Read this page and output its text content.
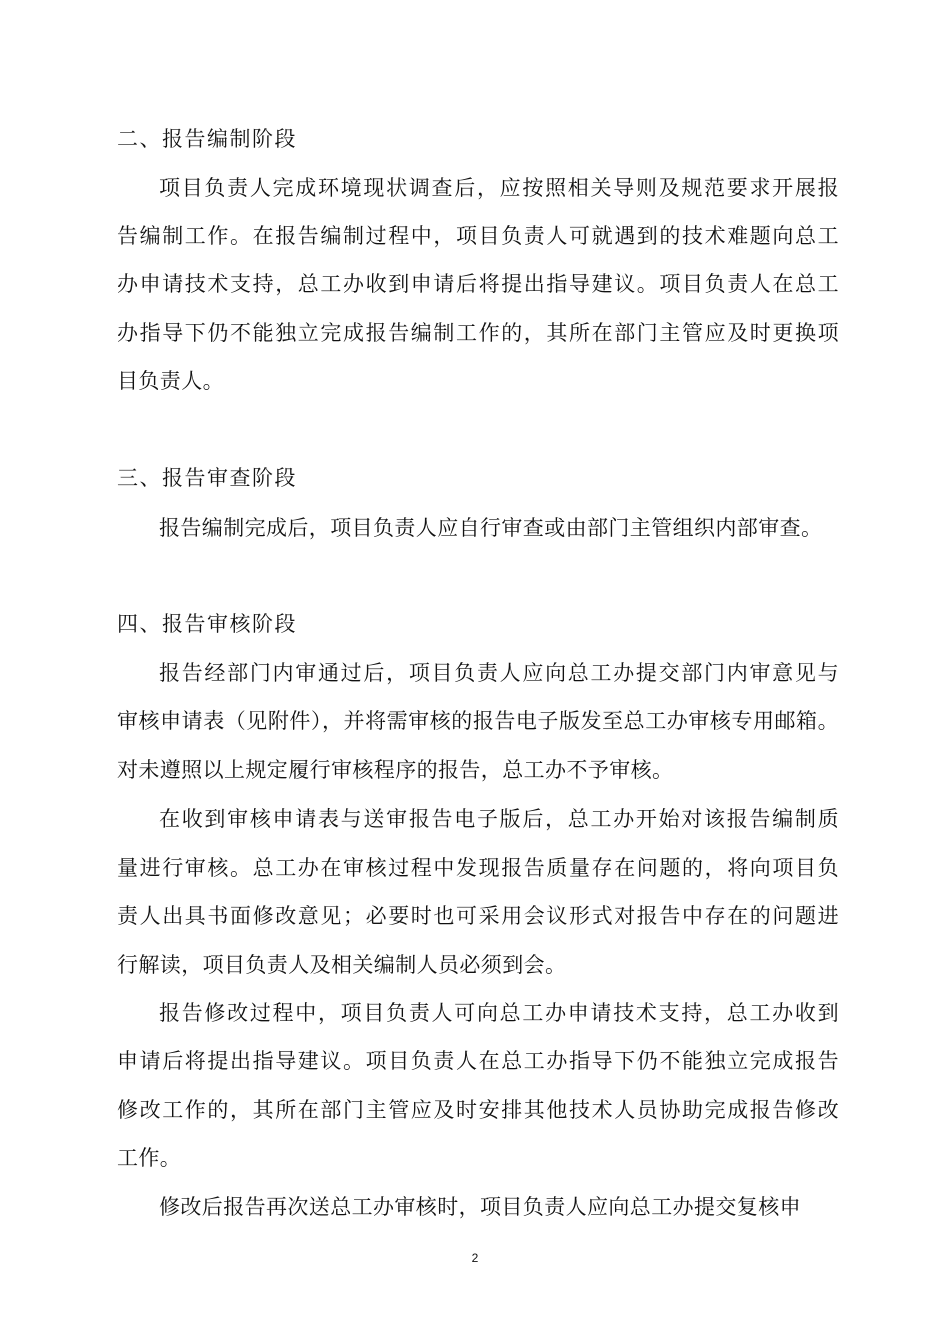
二、报告编制阶段
项目负责人完成环境现状调查后，应按照相关导则及规范要求开展报
告编制工作。在报告编制过程中，项目负责人可就遇到的技术难题向总工
办申请技术支持，总工办收到申请后将提出指导建议。项目负责人在总工
办指导下仍不能独立完成报告编制工作的，其所在部门主管应及时更换项
目负责人。
三、报告审查阶段
报告编制完成后，项目负责人应自行审查或由部门主管组织内部审查。
四、报告审核阶段
报告经部门内审通过后，项目负责人应向总工办提交部门内审意见与
审核申请表（见附件），并将需审核的报告电子版发至总工办审核专用邮箱。
对未遵照以上规定履行审核程序的报告，总工办不予审核。
在收到审核申请表与送审报告电子版后，总工办开始对该报告编制质
量进行审核。总工办在审核过程中发现报告质量存在问题的，将向项目负
责人出具书面修改意见；必要时也可采用会议形式对报告中存在的问题进
行解读，项目负责人及相关编制人员必须到会。
报告修改过程中，项目负责人可向总工办申请技术支持，总工办收到
申请后将提出指导建议。项目负责人在总工办指导下仍不能独立完成报告
修改工作的，其所在部门主管应及时安排其他技术人员协助完成报告修改
工作。
修改后报告再次送总工办审核时，项目负责人应向总工办提交复核申
2
